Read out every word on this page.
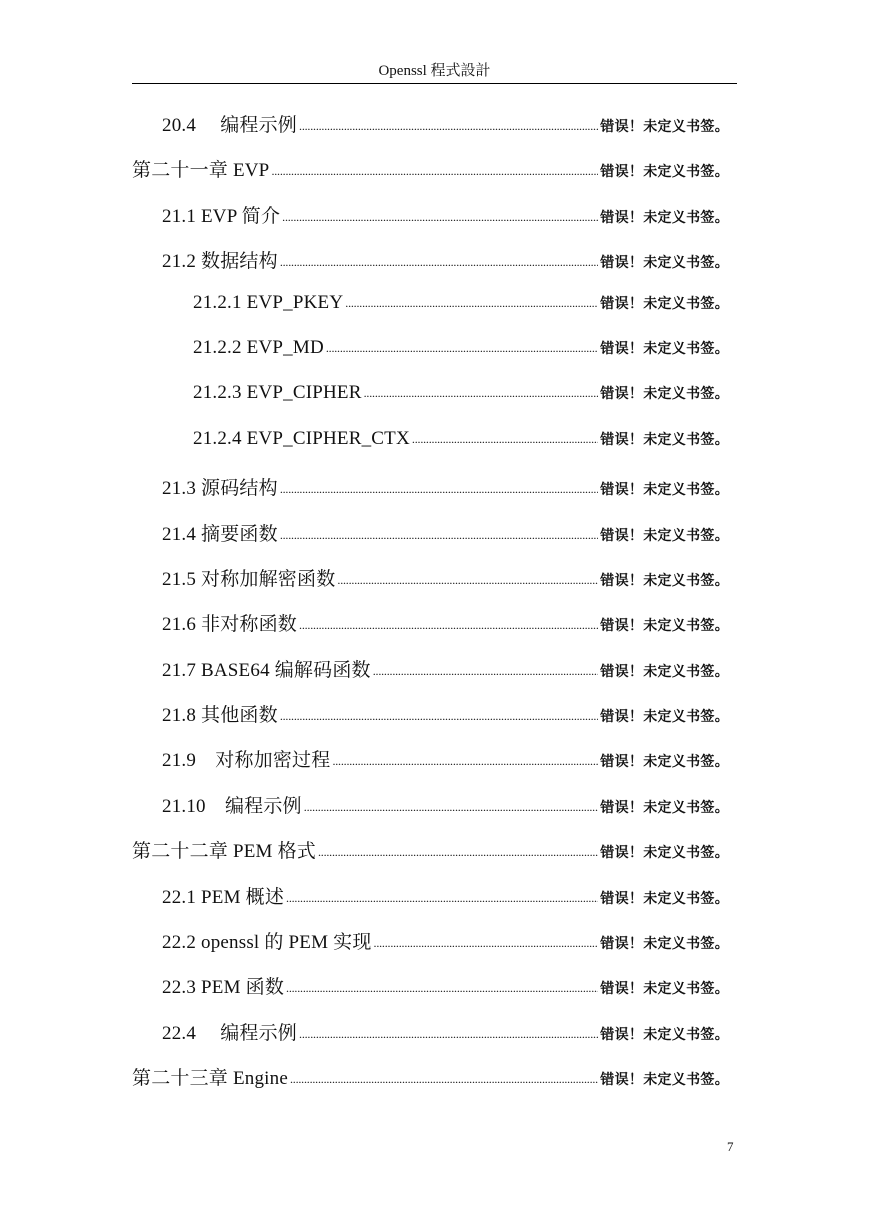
Openssl 程式設計
20.4　 编程示例 . . .	错误！未定义书签。
第二十一章 EVP . . .	错误！未定义书签。
21.1 EVP 简介 . . .	错误！未定义书签。
21.2 数据结构 . . .	错误！未定义书签。
21.2.1 EVP_PKEY . . .	错误！未定义书签。
21.2.2 EVP_MD . . .	错误！未定义书签。
21.2.3 EVP_CIPHER . . .	错误！未定义书签。
21.2.4 EVP_CIPHER_CTX . . .	错误！未定义书签。
21.3 源码结构 . . .	错误！未定义书签。
21.4 摘要函数 . . .	错误！未定义书签。
21.5 对称加解密函数 . . .	错误！未定义书签。
21.6 非对称函数 . . .	错误！未定义书签。
21.7 BASE64 编解码函数 . . .	错误！未定义书签。
21.8 其他函数 . . .	错误！未定义书签。
21.9　对称加密过程 . . .	错误！未定义书签。
21.10　编程示例 . . .	错误！未定义书签。
第二十二章 PEM 格式 . . .	错误！未定义书签。
22.1 PEM 概述 . . .	错误！未定义书签。
22.2 openssl 的 PEM 实现 . . .	错误！未定义书签。
22.3 PEM 函数 . . .	错误！未定义书签。
22.4　 编程示例 . . .	错误！未定义书签。
第二十三章 Engine . . .	错误！未定义书签。
7
